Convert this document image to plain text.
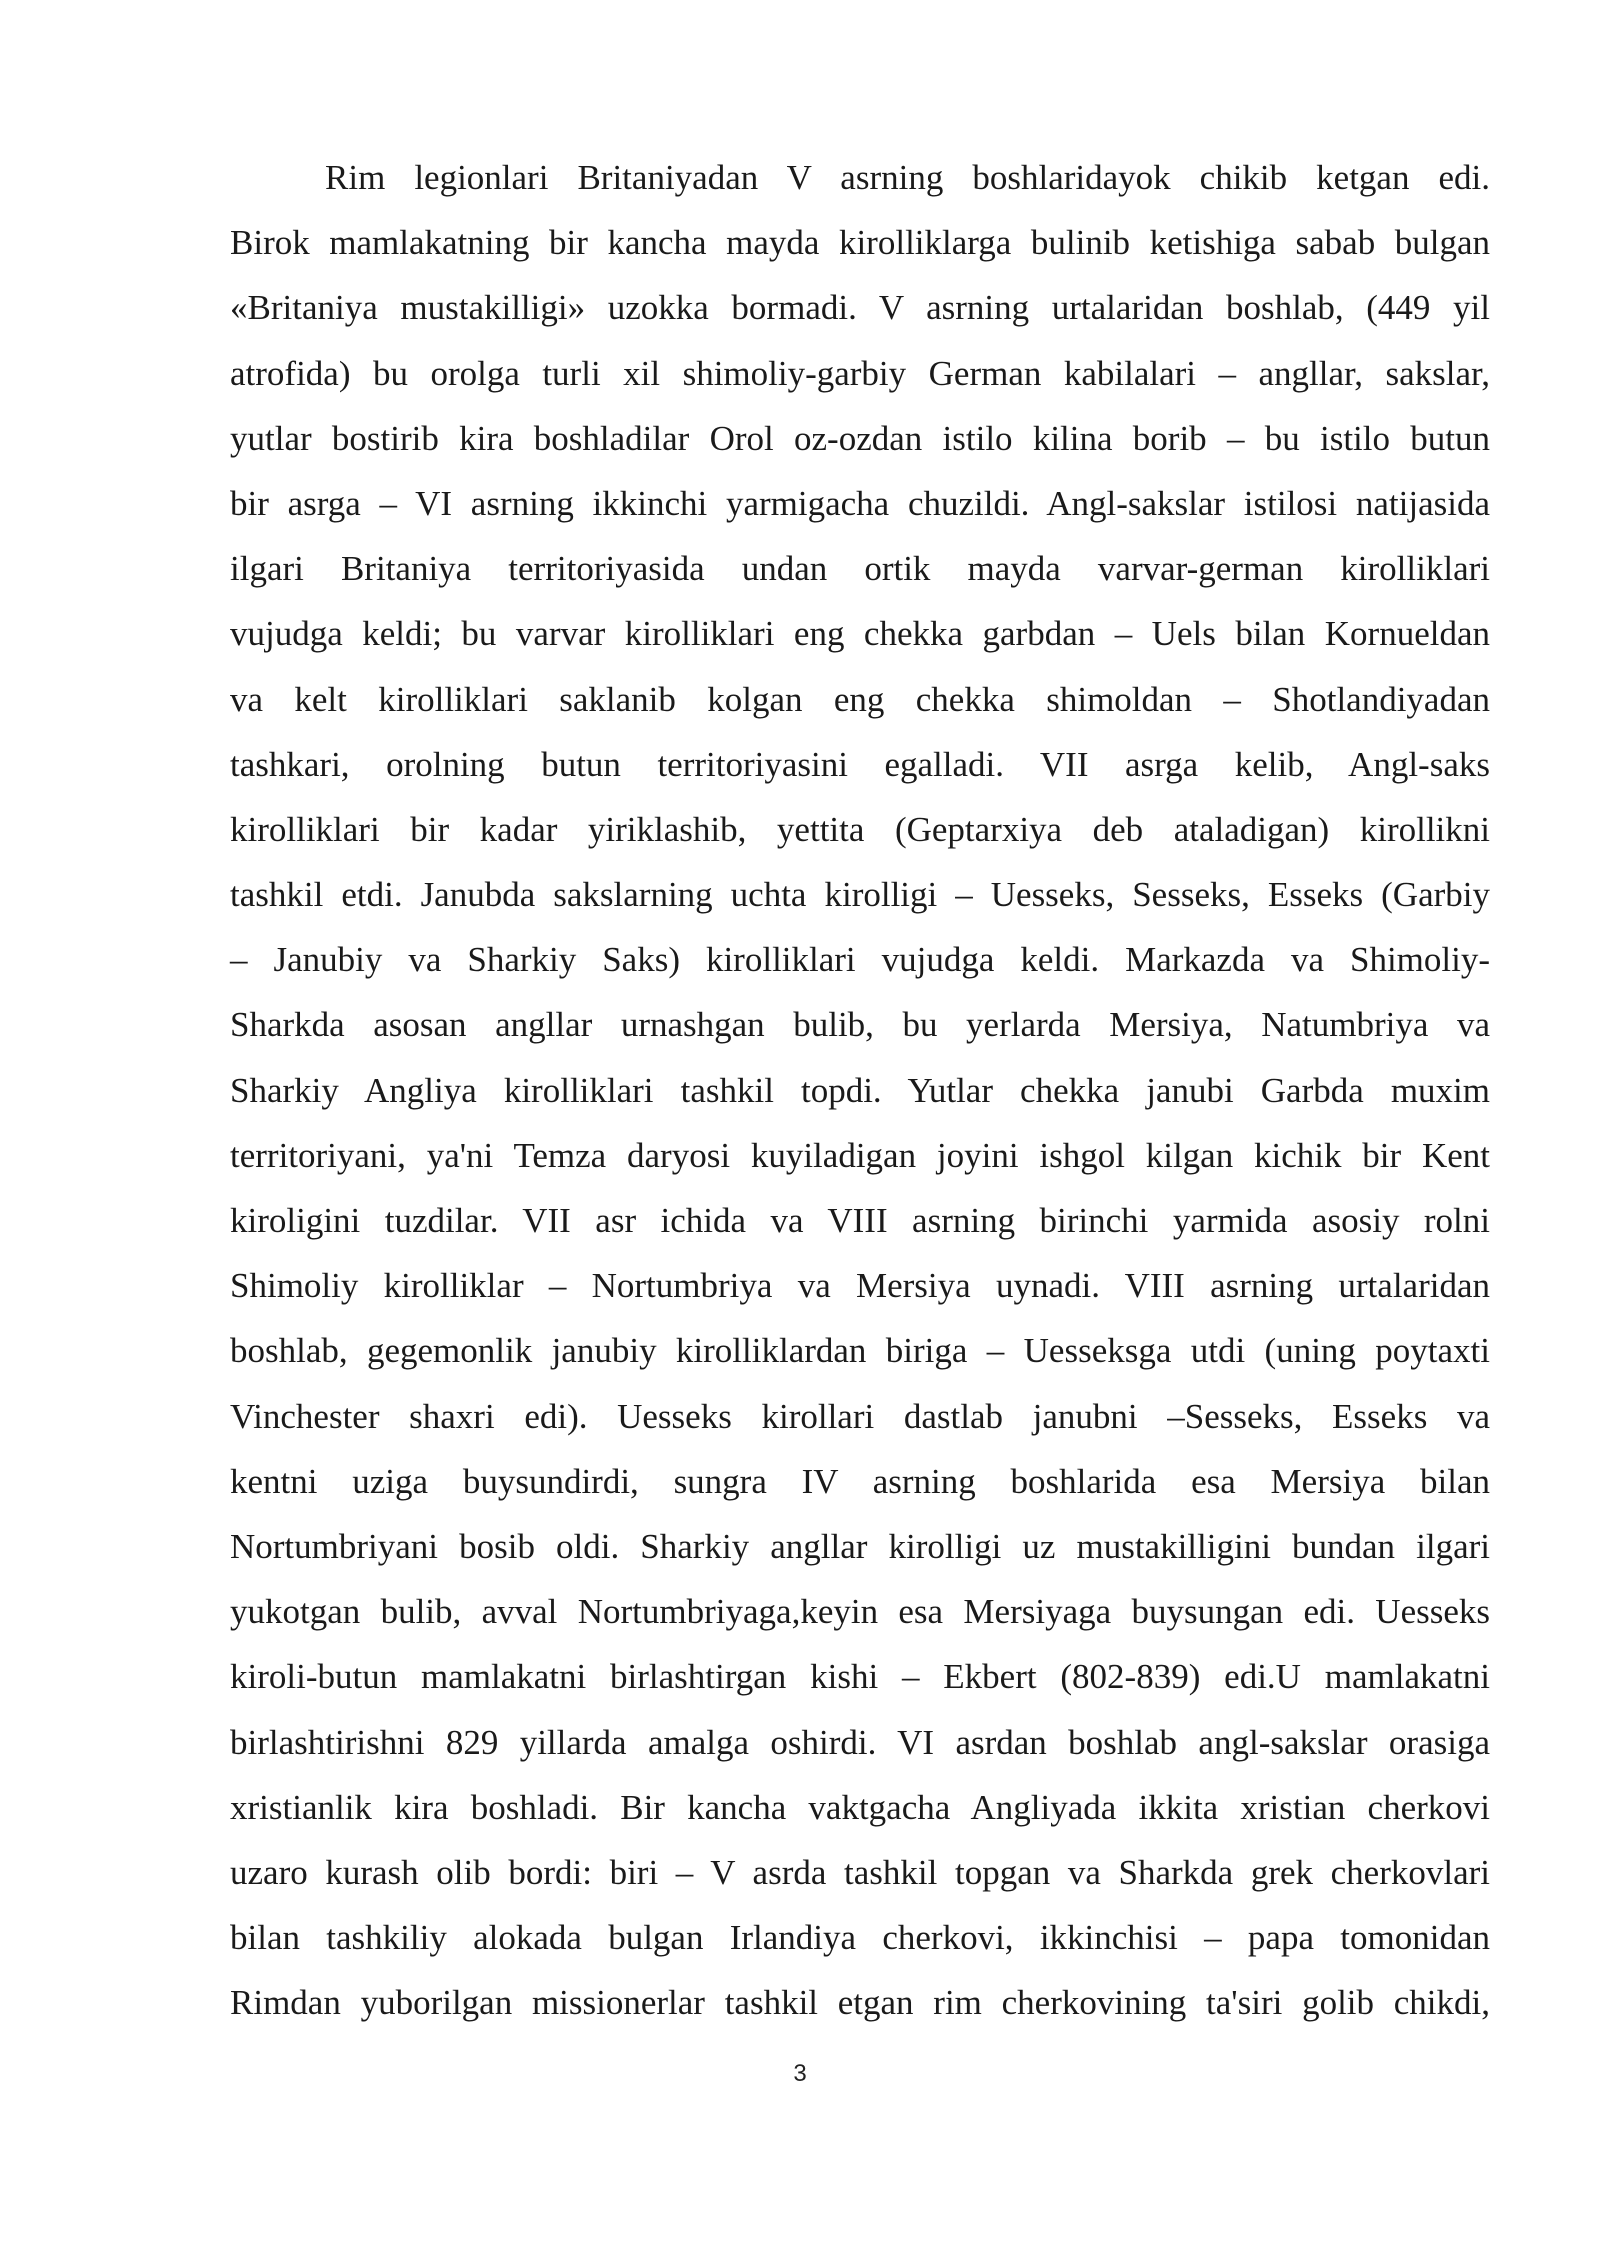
Rim legionlari Britaniyadan V asrning boshlaridayok chikib ketgan edi.
Birok mamlakatning bir kancha mayda kirolliklarga bulinib ketishiga sabab bulgan
«Britaniya mustakilligi» uzokka bormadi. V asrning urtalaridan boshlab, (449 yil
atrofida) bu orolga turli xil shimoliy-garbiy German kabilalari – angllar, sakslar,
yutlar bostirib kira boshladilar Orol oz-ozdan istilo kilina borib – bu istilo butun
bir asrga – VI asrning ikkinchi yarmigacha chuzildi. Angl-sakslar istilosi natijasida
ilgari Britaniya territoriyasida undan ortik mayda varvar-german kirolliklari
vujudga keldi; bu varvar kirolliklari eng chekka garbdan – Uels bilan Kornueldan
va kelt kirolliklari saklanib kolgan eng chekka shimoldan – Shotlandiyadan
tashkari, orolning butun territoriyasini egalladi. VII asrga kelib, Angl-saks
kirolliklari bir kadar yiriklashib, yettita (Geptarxiya deb ataladigan) kirollikni
tashkil etdi. Janubda sakslarning uchta kirolligi – Uesseks, Sesseks, Esseks (Garbiy
– Janubiy va Sharkiy Saks) kirolliklari vujudga keldi. Markazda va Shimoliy-
Sharkda asosan angllar urnashgan bulib, bu yerlarda Mersiya, Natumbriya va
Sharkiy Angliya kirolliklari tashkil topdi. Yutlar chekka janubi Garbda muxim
territoriyani, ya'ni Temza daryosi kuyiladigan joyini ishgol kilgan kichik bir Kent
kiroligini tuzdilar. VII asr ichida va VIII asrning birinchi yarmida asosiy rolni
Shimoliy kirolliklar – Nortumbriya va Mersiya uynadi. VIII asrning urtalaridan
boshlab, gegemonlik janubiy kirolliklardan biriga – Uesseksga utdi (uning poytaxti
Vinchester shaxri edi). Uesseks kirollari dastlab janubni –Sesseks, Esseks va
kentni uziga buysundirdi, sungra IV asrning boshlarida esa Mersiya bilan
Nortumbriyani bosib oldi. Sharkiy angllar kirolligi uz mustakilligini bundan ilgari
yukotgan bulib, avval Nortumbriyaga,keyin esa Mersiyaga buysungan edi. Uesseks
kiroli-butun mamlakatni birlashtirgan kishi – Ekbert (802-839) edi.U mamlakatni
birlashtirishni 829 yillarda amalga oshirdi. VI asrdan boshlab angl-sakslar orasiga
xristianlik kira boshladi. Bir kancha vaktgacha Angliyada ikkita xristian cherkovi
uzaro kurash olib bordi: biri – V asrda tashkil topgan va Sharkda grek cherkovlari
bilan tashkiliy alokada bulgan Irlandiya cherkovi, ikkinchisi – papa tomonidan
Rimdan yuborilgan missionerlar tashkil etgan rim cherkovining ta'siri golib chikdi,
3
